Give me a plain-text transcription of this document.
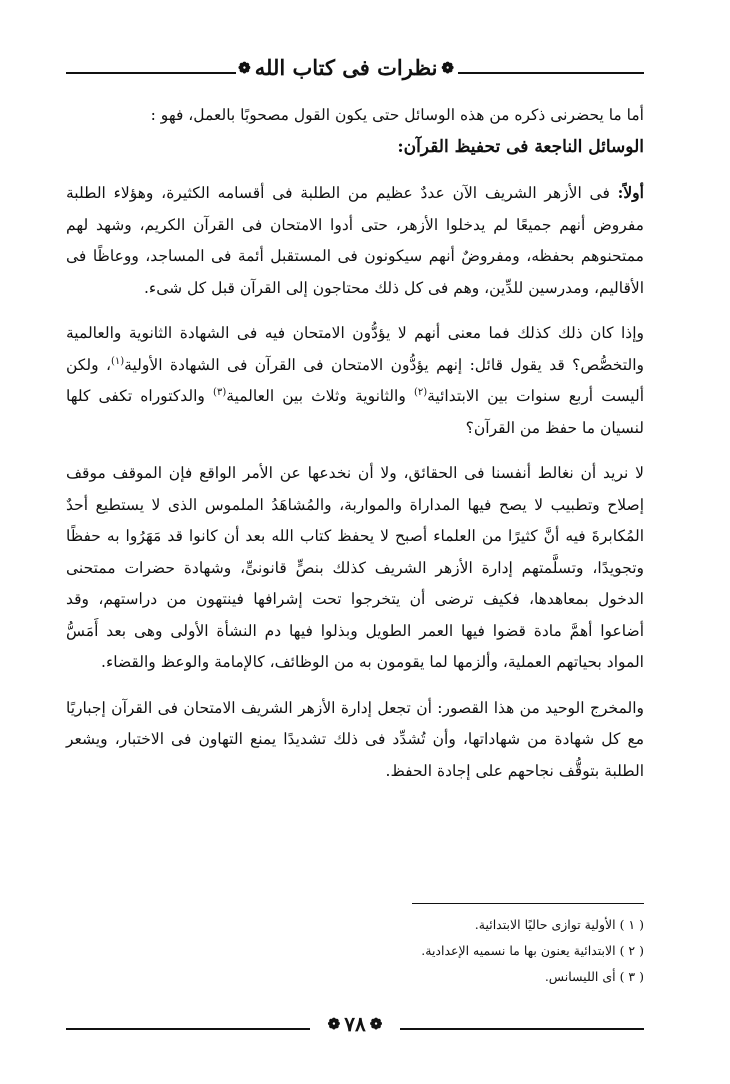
❁نظرات فى كتاب الله❁

أما ما يحضرنى ذكره من هذه الوسائل حتى يكون القول مصحوبًا بالعمل، فهو :

الوسائل الناجعة فى تحفيظ القرآن:

أولاً: فى الأزهر الشريف الآن عددٌ عظيم من الطلبة فى أقسامه الكثيرة، وهؤلاء الطلبة مفروض أنهم جميعًا لم يدخلوا الأزهر، حتى أدوا الامتحان فى القرآن الكريم، وشهد لهم ممتحنوهم بحفظه، ومفروضٌ أنهم سيكونون فى المستقبل أئمة فى المساجد، ووعاظًا فى الأقاليم، ومدرسين للدِّين، وهم فى كل ذلك محتاجون إلى القرآن قبل كل شىء.

وإذا كان ذلك كذلك فما معنى أنهم لا يؤدُّون الامتحان فيه فى الشهادة الثانوية والعالمية والتخصُّص؟ قد يقول قائل: إنهم يؤدُّون الامتحان فى القرآن فى الشهادة الأولية$^{(١)}$، ولكن أليست أربع سنوات بين الابتدائية$^{(٢)}$ والثانوية وثلاث بين العالمية$^{(٣)}$ والدكتوراه تكفى كلها لنسيان ما حفظ من القرآن؟

لا نريد أن نغالط أنفسنا فى الحقائق، ولا أن نخدعها عن الأمر الواقع فإن الموقف موقف إصلاح وتطبيب لا يصح فيها المداراة والمواربة، والمُشاهَدُ الملموس الذى لا يستطيع أحدٌ المُكابرةَ فيه أنَّ كثيرًا من العلماء أصبح لا يحفظ كتاب الله بعد أن كانوا قد مَهَرُوا به حفظًا وتجويدًا، وتسلَّمتهم إدارة الأزهر الشريف كذلك بنصٍّ قانونىٍّ، وشهادة حضرات ممتحنى الدخول بمعاهدها، فكيف ترضى أن يتخرجوا تحت إشرافها فينتهون من دراستهم، وقد أضاعوا أهمَّ مادة قضوا فيها العمر الطويل وبذلوا فيها دم النشأة الأولى وهى بعد أَمَسُّ المواد بحياتهم العملية، وألزمها لما يقومون به من الوظائف، كالإمامة والوعظ والقضاء.

والمخرج الوحيد من هذا القصور: أن تجعل إدارة الأزهر الشريف الامتحان فى القرآن إجباريًا مع كل شهادة من شهاداتها، وأن تُشدِّد فى ذلك تشديدًا يمنع التهاون فى الاختبار، ويشعر الطلبة بتوقُّف نجاحهم على إجادة الحفظ.

( ١ ) الأولية توازى حاليًا الابتدائية.

( ٢ ) الابتدائية يعنون بها ما نسميه الإعدادية.

( ٣ ) أى الليسانس.

❁٧٨❁
